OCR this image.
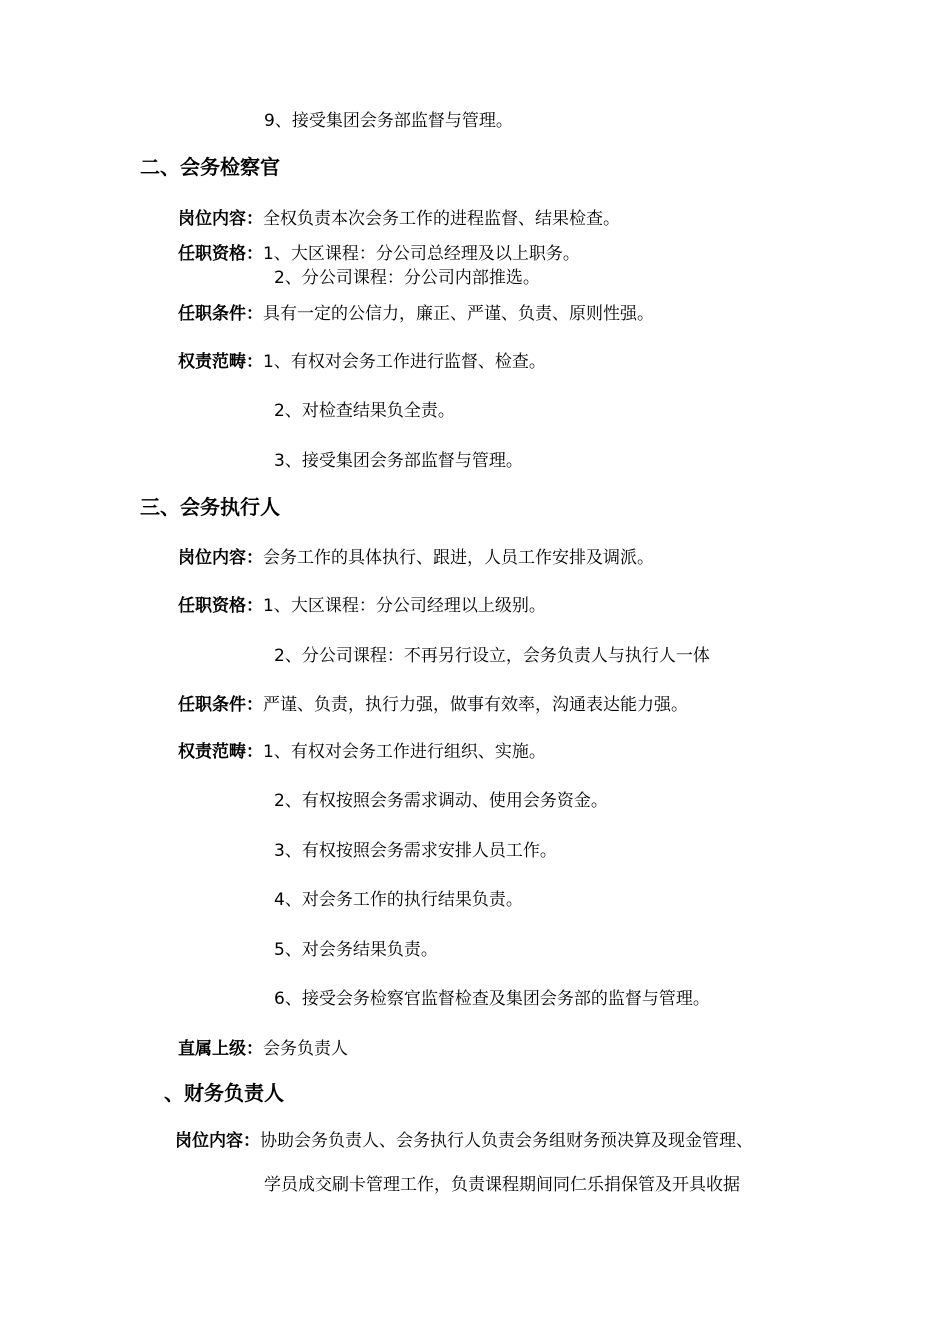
9、接受集团会务部监督与管理。
二、会务检察官
岗位内容：全权负责本次会务工作的进程监督、结果检查。
任职资格：1、大区课程：分公司总经理及以上职务。
2、分公司课程：分公司内部推选。
任职条件：具有一定的公信力，廉正、严谨、负责、原则性强。
权责范畴：1、有权对会务工作进行监督、检查。
2、对检查结果负全责。
3、接受集团会务部监督与管理。
三、会务执行人
岗位内容：会务工作的具体执行、跟进，人员工作安排及调派。
任职资格：1、大区课程：分公司经理以上级别。
2、分公司课程：不再另行设立，会务负责人与执行人一体
任职条件：严谨、负责，执行力强，做事有效率，沟通表达能力强。
权责范畴：1、有权对会务工作进行组织、实施。
2、有权按照会务需求调动、使用会务资金。
3、有权按照会务需求安排人员工作。
4、对会务工作的执行结果负责。
5、对会务结果负责。
6、接受会务检察官监督检查及集团会务部的监督与管理。
直属上级：会务负责人
、财务负责人
岗位内容：协助会务负责人、会务执行人负责会务组财务预决算及现金管理、
学员成交刷卡管理工作，负责课程期间同仁乐捐保管及开具收据
